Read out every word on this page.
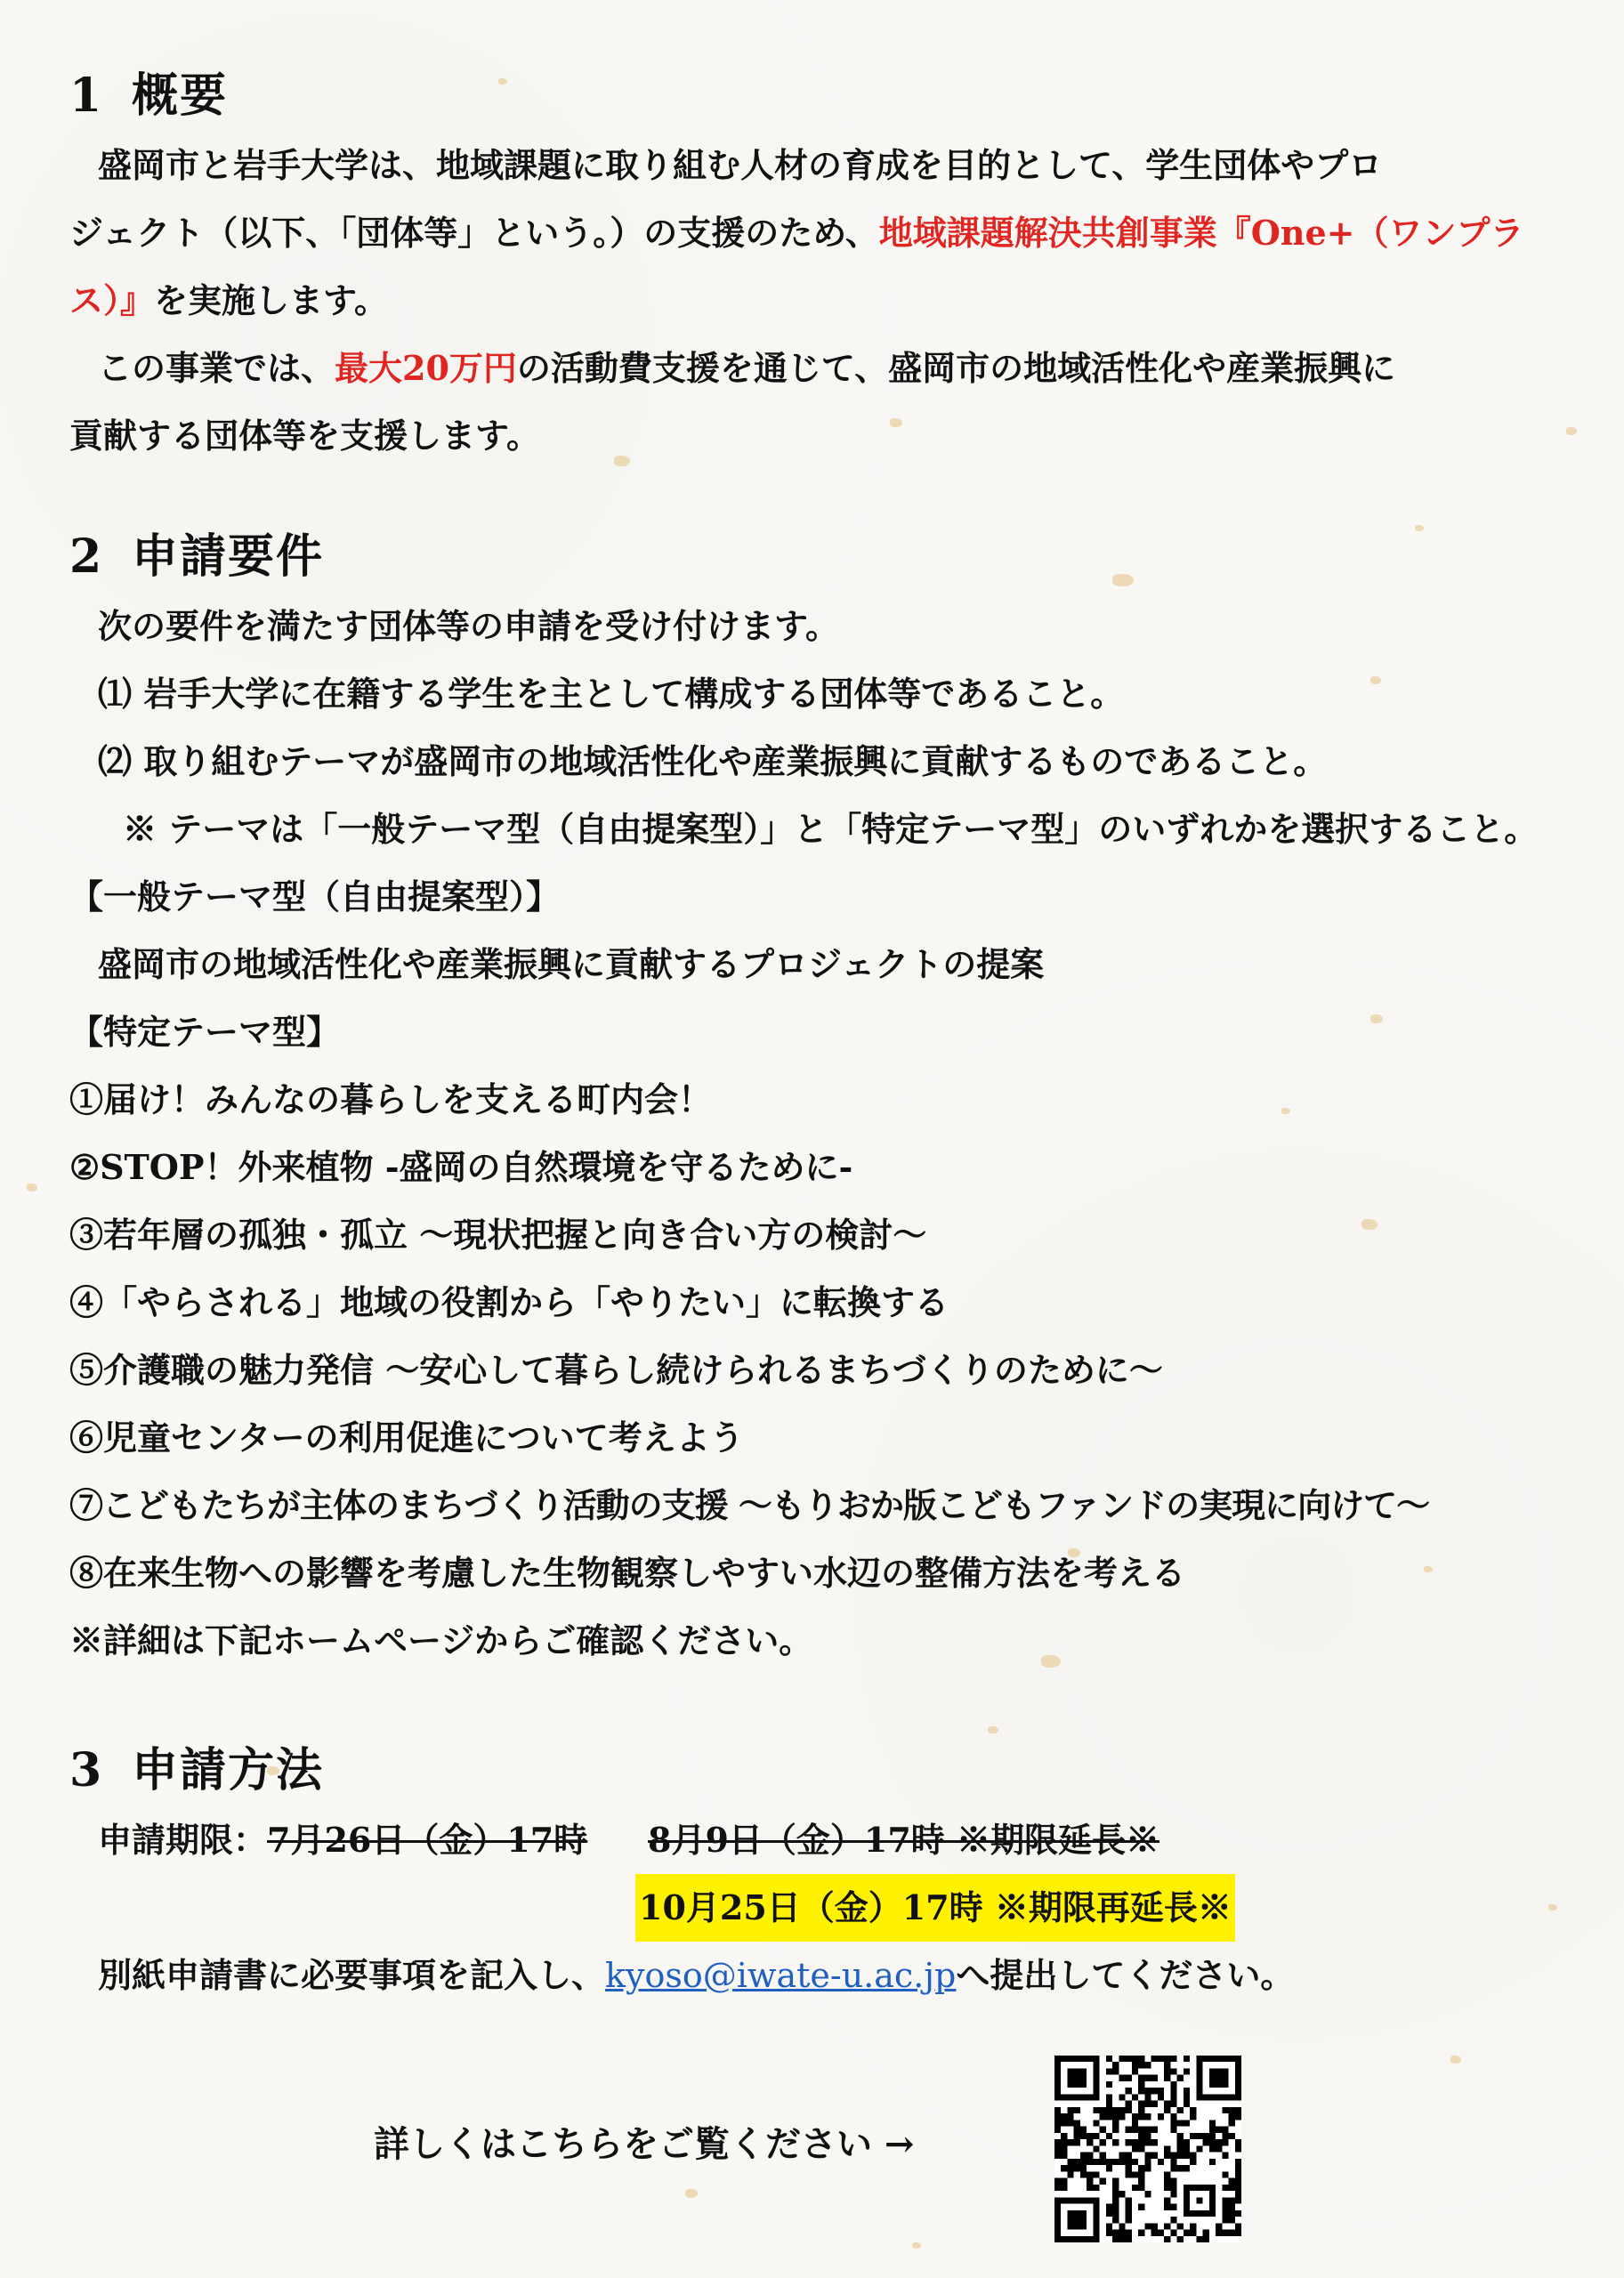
1 概要

盛岡市と岩手大学は、地域課題に取り組む人材の育成を目的として、学生団体やプロ

ジェクト（以下、「団体等」という。）の支援のため、地域課題解決共創事業『One+（ワンプラ

ス）』を実施します。

この事業では、最大20万円の活動費支援を通じて、盛岡市の地域活性化や産業振興に

貢献する団体等を支援します。

2 申請要件

次の要件を満たす団体等の申請を受け付けます。

⑴ 岩手大学に在籍する学生を主として構成する団体等であること。

⑵ 取り組むテーマが盛岡市の地域活性化や産業振興に貢献するものであること。

※ テーマは「一般テーマ型（自由提案型）」と「特定テーマ型」のいずれかを選択すること。

【一般テーマ型（自由提案型）】

盛岡市の地域活性化や産業振興に貢献するプロジェクトの提案

【特定テーマ型】

①届け！みんなの暮らしを支える町内会！

②STOP！外来植物 -盛岡の自然環境を守るために-

③若年層の孤独・孤立 ～現状把握と向き合い方の検討～

④「やらされる」地域の役割から「やりたい」に転換する

⑤介護職の魅力発信 ～安心して暮らし続けられるまちづくりのために～

⑥児童センターの利用促進について考えよう

⑦こどもたちが主体のまちづくり活動の支援 ～もりおか版こどもファンドの実現に向けて～

⑧在来生物への影響を考慮した生物観察しやすい水辺の整備方法を考える

※詳細は下記ホームページからご確認ください。

3 申請方法
申請期限：7月26日（金）17時 8月9日（金）17時 ※期限延長※
10月25日（金）17時 ※期限再延長※

別紙申請書に必要事項を記入し、kyoso@iwate-u.ac.jpへ提出してください。

詳しくはこちらをご覧ください →
